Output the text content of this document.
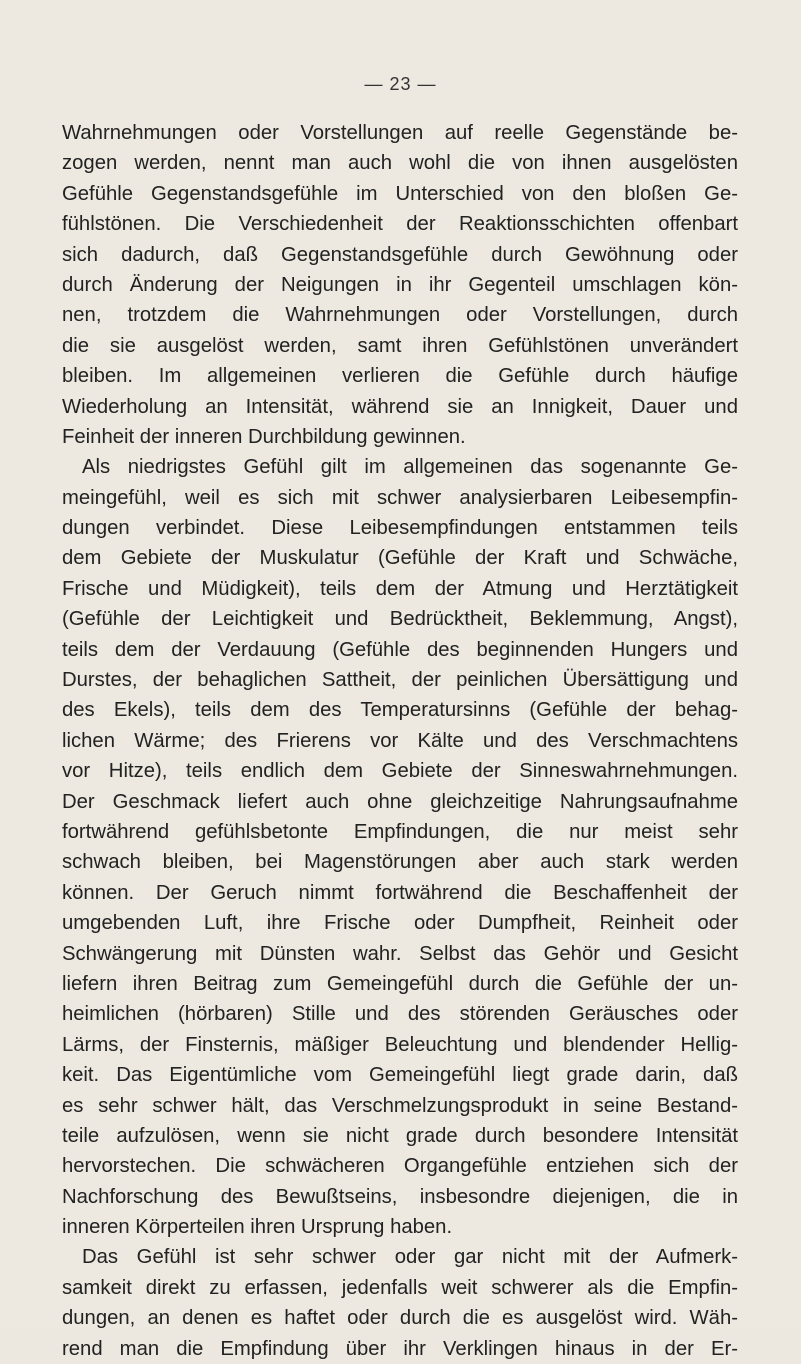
— 23 —
Wahrnehmungen oder Vorstellungen auf reelle Gegenstände be-
zogen werden, nennt man auch wohl die von ihnen ausgelösten
Gefühle Gegenstandsgefühle im Unterschied von den bloßen Ge-
fühlstönen. Die Verschiedenheit der Reaktionsschichten offenbart
sich dadurch, daß Gegenstandsgefühle durch Gewöhnung oder
durch Änderung der Neigungen in ihr Gegenteil umschlagen kön-
nen, trotzdem die Wahrnehmungen oder Vorstellungen, durch
die sie ausgelöst werden, samt ihren Gefühlstönen unverändert
bleiben. Im allgemeinen verlieren die Gefühle durch häufige
Wiederholung an Intensität, während sie an Innigkeit, Dauer und
Feinheit der inneren Durchbildung gewinnen.
Als niedrigstes Gefühl gilt im allgemeinen das sogenannte Ge-
meingefühl, weil es sich mit schwer analysierbaren Leibesempfin-
dungen verbindet. Diese Leibesempfindungen entstammen teils
dem Gebiete der Muskulatur (Gefühle der Kraft und Schwäche,
Frische und Müdigkeit), teils dem der Atmung und Herztätigkeit
(Gefühle der Leichtigkeit und Bedrücktheit, Beklemmung, Angst),
teils dem der Verdauung (Gefühle des beginnenden Hungers und
Durstes, der behaglichen Sattheit, der peinlichen Übersättigung und
des Ekels), teils dem des Temperatursinns (Gefühle der behag-
lichen Wärme; des Frierens vor Kälte und des Verschmachtens
vor Hitze), teils endlich dem Gebiete der Sinneswahrnehmungen.
Der Geschmack liefert auch ohne gleichzeitige Nahrungsaufnahme
fortwährend gefühlsbetonte Empfindungen, die nur meist sehr
schwach bleiben, bei Magenstörungen aber auch stark werden
können. Der Geruch nimmt fortwährend die Beschaffenheit der
umgebenden Luft, ihre Frische oder Dumpfheit, Reinheit oder
Schwängerung mit Dünsten wahr. Selbst das Gehör und Gesicht
liefern ihren Beitrag zum Gemeingefühl durch die Gefühle der un-
heimlichen (hörbaren) Stille und des störenden Geräusches oder
Lärms, der Finsternis, mäßiger Beleuchtung und blendender Hellig-
keit. Das Eigentümliche vom Gemeingefühl liegt grade darin, daß
es sehr schwer hält, das Verschmelzungsprodukt in seine Bestand-
teile aufzulösen, wenn sie nicht grade durch besondere Intensität
hervorstechen. Die schwächeren Organgefühle entziehen sich der
Nachforschung des Bewußtseins, insbesondre diejenigen, die in
inneren Körperteilen ihren Ursprung haben.
Das Gefühl ist sehr schwer oder gar nicht mit der Aufmerk-
samkeit direkt zu erfassen, jedenfalls weit schwerer als die Empfin-
dungen, an denen es haftet oder durch die es ausgelöst wird. Wäh-
rend man die Empfindung über ihr Verklingen hinaus in der Er-
